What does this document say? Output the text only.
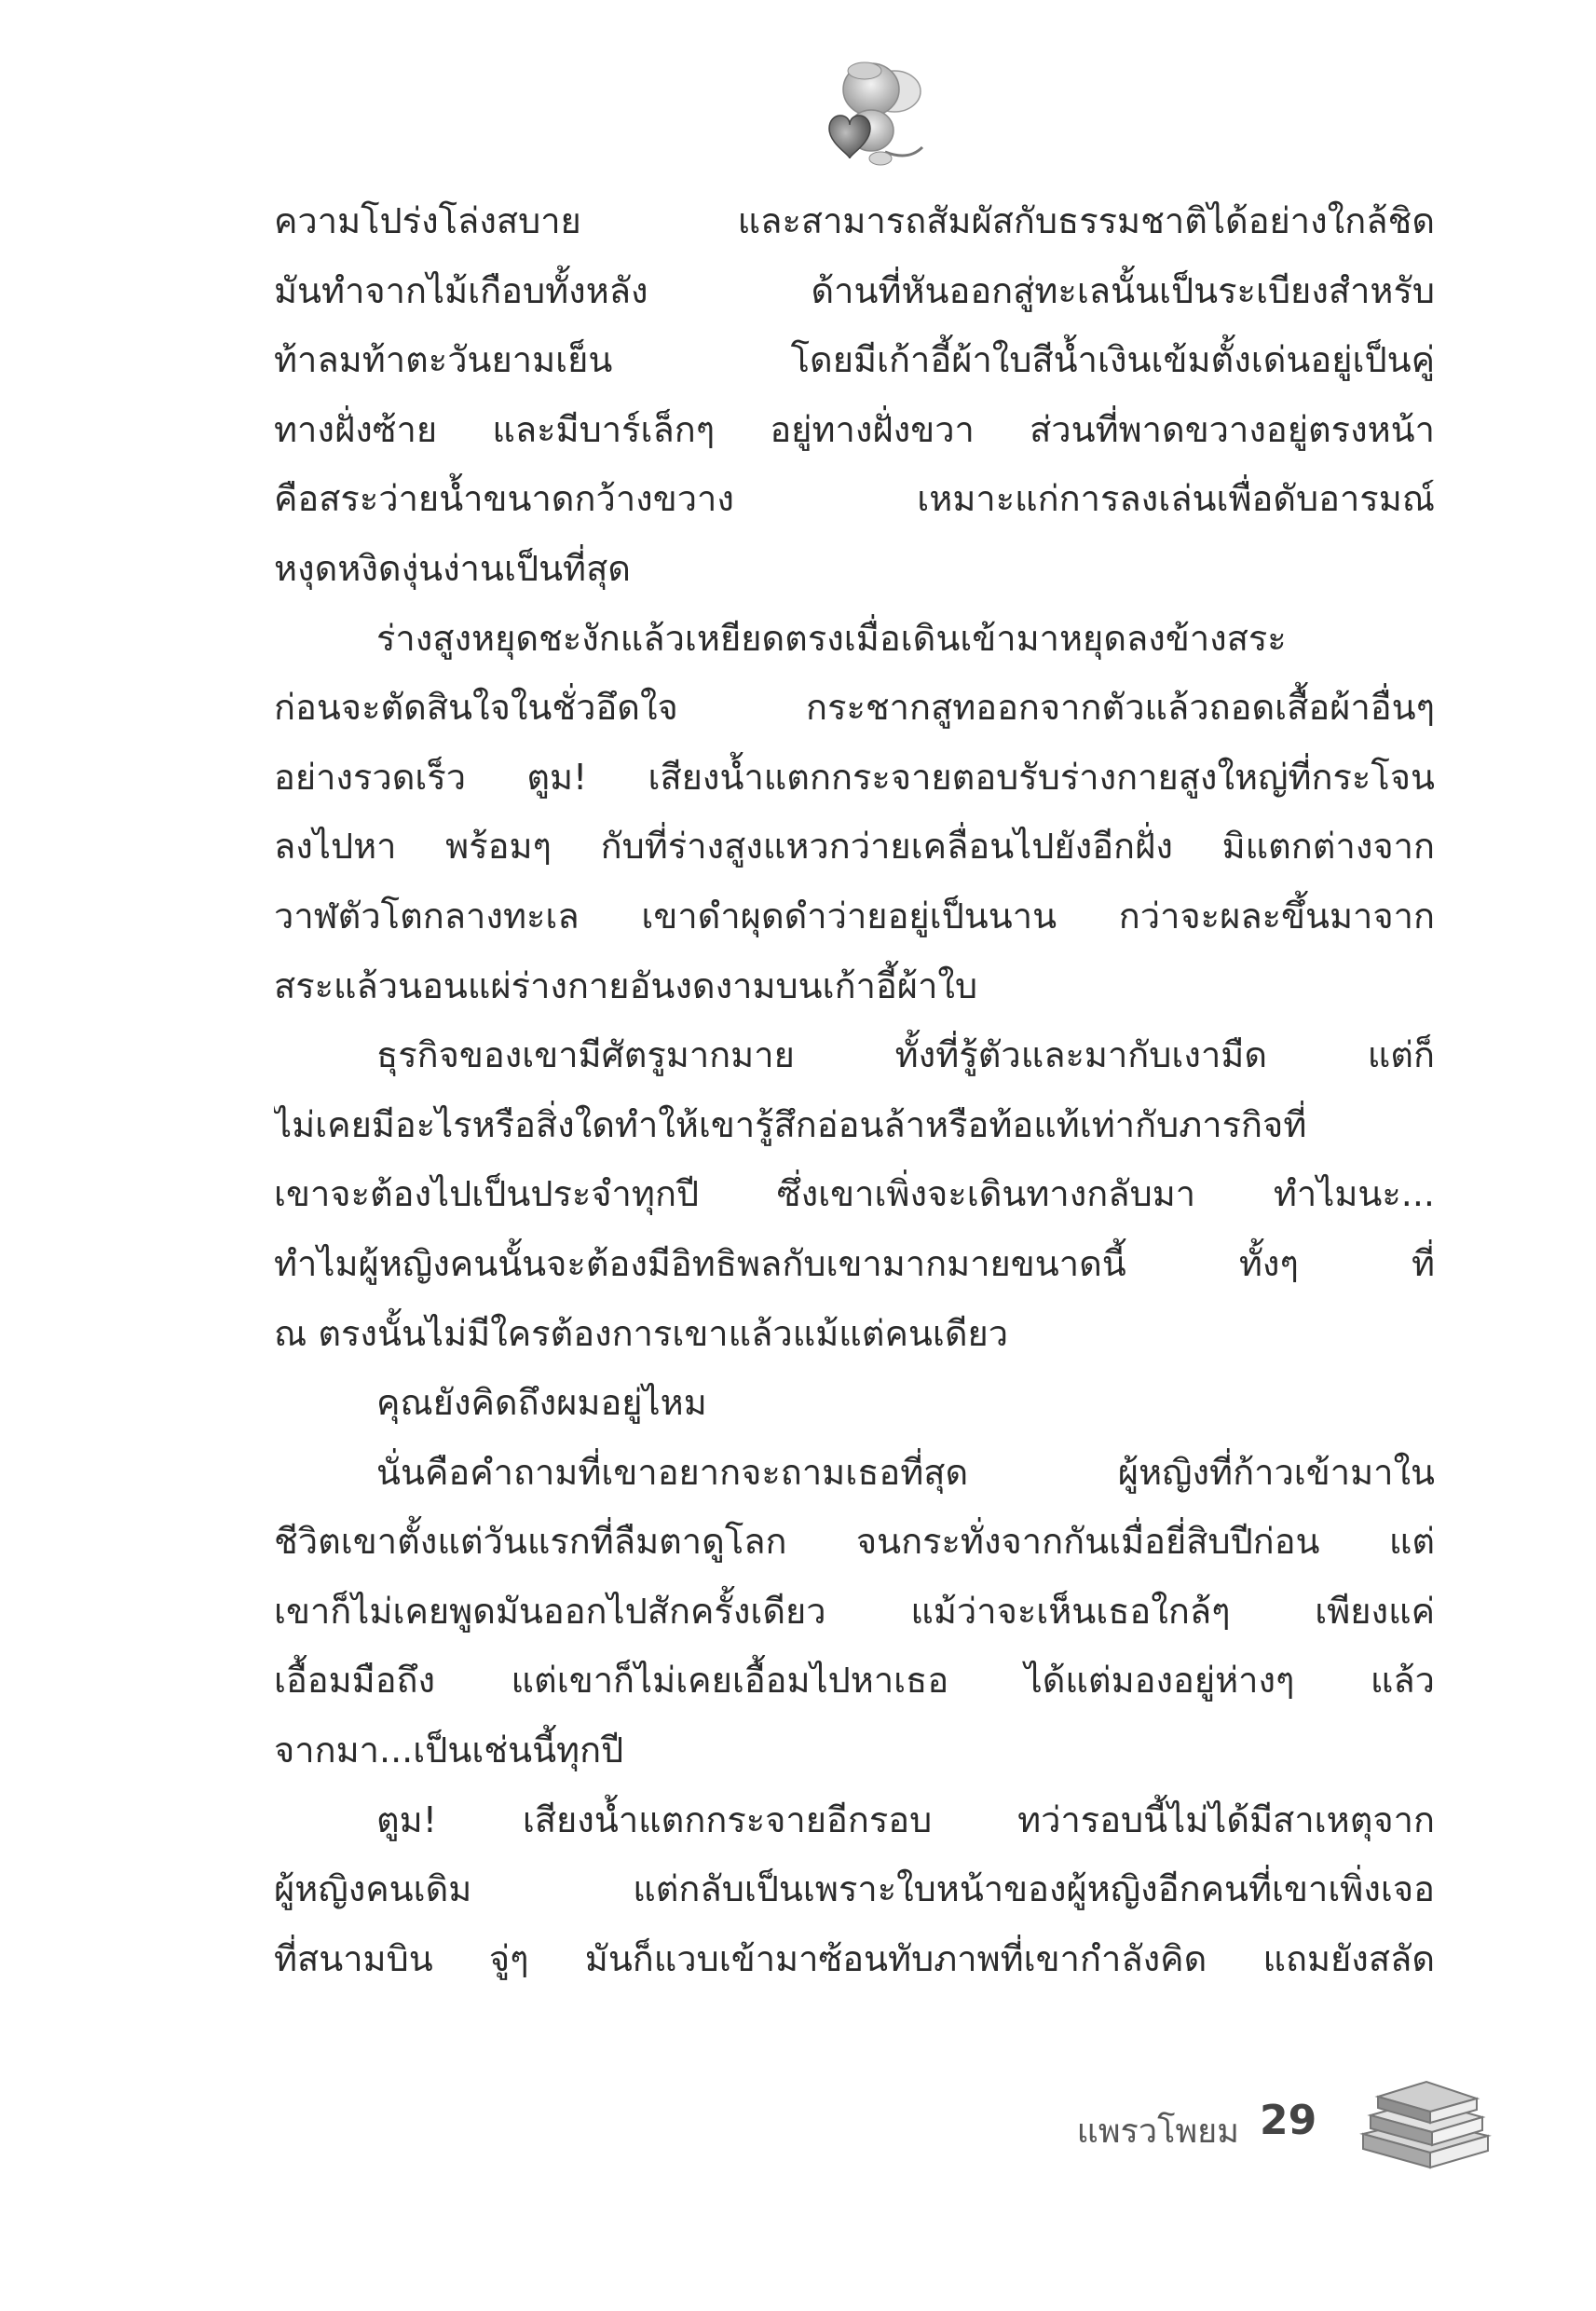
ความโปร่งโล่งสบาย และสามารถสัมผัสกับธรรมชาติได้อย่างใกล้ชิด
มันทำจากไม้เกือบทั้งหลัง ด้านที่หันออกสู่ทะเลนั้นเป็นระเบียงสำหรับ
ท้าลมท้าตะวันยามเย็น โดยมีเก้าอี้ผ้าใบสีน้ำเงินเข้มตั้งเด่นอยู่เป็นคู่
ทางฝั่งซ้าย และมีบาร์เล็กๆ อยู่ทางฝั่งขวา ส่วนที่พาดขวางอยู่ตรงหน้า
คือสระว่ายน้ำขนาดกว้างขวาง เหมาะแก่การลงเล่นเพื่อดับอารมณ์
หงุดหงิดงุ่นง่านเป็นที่สุด
ร่างสูงหยุดชะงักแล้วเหยียดตรงเมื่อเดินเข้ามาหยุดลงข้างสระ
ก่อนจะตัดสินใจในชั่วอึดใจ กระชากสูทออกจากตัวแล้วถอดเสื้อผ้าอื่นๆ
อย่างรวดเร็ว ตูม! เสียงน้ำแตกกระจายตอบรับร่างกายสูงใหญ่ที่กระโจน
ลงไปหา พร้อมๆ กับที่ร่างสูงแหวกว่ายเคลื่อนไปยังอีกฝั่ง มิแตกต่างจาก
วาฬตัวโตกลางทะเล เขาดำผุดดำว่ายอยู่เป็นนาน กว่าจะผละขึ้นมาจาก
สระแล้วนอนแผ่ร่างกายอันงดงามบนเก้าอี้ผ้าใบ
ธุรกิจของเขามีศัตรูมากมาย ทั้งที่รู้ตัวและมากับเงามืด แต่ก็
ไม่เคยมีอะไรหรือสิ่งใดทำให้เขารู้สึกอ่อนล้าหรือท้อแท้เท่ากับภารกิจที่
เขาจะต้องไปเป็นประจำทุกปี ซึ่งเขาเพิ่งจะเดินทางกลับมา ทำไมนะ...
ทำไมผู้หญิงคนนั้นจะต้องมีอิทธิพลกับเขามากมายขนาดนี้ ทั้งๆ ที่
ณ ตรงนั้นไม่มีใครต้องการเขาแล้วแม้แต่คนเดียว
คุณยังคิดถึงผมอยู่ไหม
นั่นคือคำถามที่เขาอยากจะถามเธอที่สุด ผู้หญิงที่ก้าวเข้ามาใน
ชีวิตเขาตั้งแต่วันแรกที่ลืมตาดูโลก จนกระทั่งจากกันเมื่อยี่สิบปีก่อน แต่
เขาก็ไม่เคยพูดมันออกไปสักครั้งเดียว แม้ว่าจะเห็นเธอใกล้ๆ เพียงแค่
เอื้อมมือถึง แต่เขาก็ไม่เคยเอื้อมไปหาเธอ ได้แต่มองอยู่ห่างๆ แล้ว
จากมา...เป็นเช่นนี้ทุกปี
ตูม! เสียงน้ำแตกกระจายอีกรอบ ทว่ารอบนี้ไม่ได้มีสาเหตุจาก
ผู้หญิงคนเดิม แต่กลับเป็นเพราะใบหน้าของผู้หญิงอีกคนที่เขาเพิ่งเจอ
ที่สนามบิน จู่ๆ มันก็แวบเข้ามาซ้อนทับภาพที่เขากำลังคิด แถมยังสลัด
แพรวโพยม 29
